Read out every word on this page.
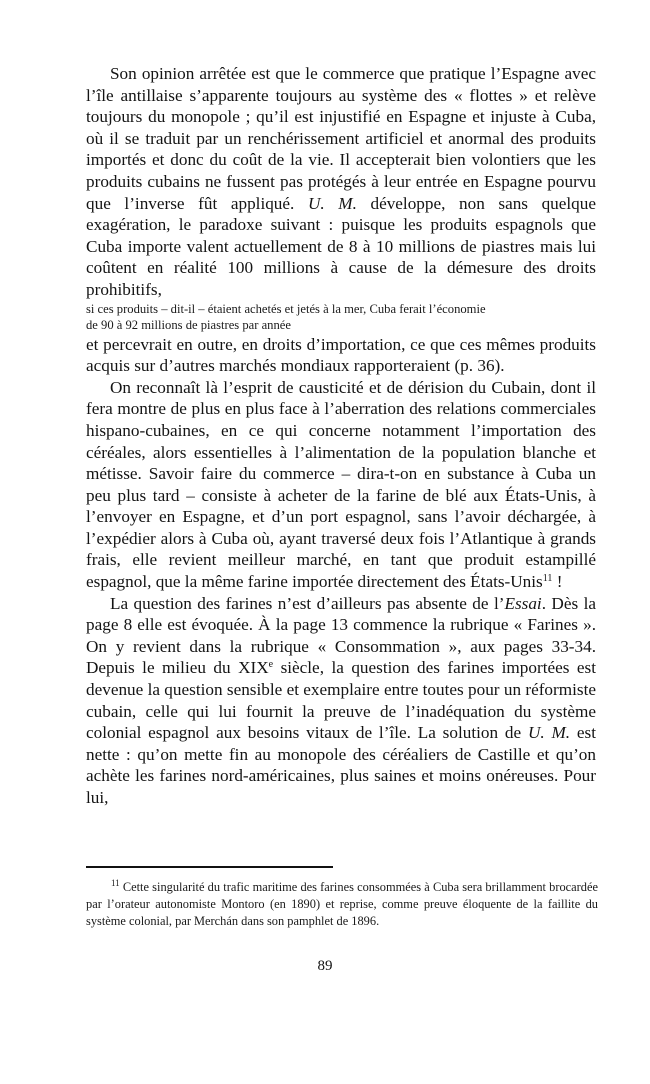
Son opinion arrêtée est que le commerce que pratique l’Espagne avec l’île antillaise s’apparente toujours au système des « flottes » et relève toujours du monopole ; qu’il est injustifié en Espagne et injuste à Cuba, où il se traduit par un renchérissement artificiel et anormal des produits importés et donc du coût de la vie. Il accepterait bien volontiers que les produits cubains ne fussent pas protégés à leur entrée en Espagne pourvu que l’inverse fût appliqué. U. M. développe, non sans quelque exagération, le paradoxe suivant : puisque les produits espagnols que Cuba importe valent actuellement de 8 à 10 millions de piastres mais lui coûtent en réalité 100 millions à cause de la démesure des droits prohibitifs,

si ces produits – dit-il – étaient achetés et jetés à la mer, Cuba ferait l’économie de 90 à 92 millions de piastres par année

et percevrait en outre, en droits d’importation, ce que ces mêmes produits acquis sur d’autres marchés mondiaux rapporteraient (p. 36).

On reconnaît là l’esprit de causticité et de dérision du Cubain, dont il fera montre de plus en plus face à l’aberration des relations commerciales hispano-cubaines, en ce qui concerne notamment l’importation des céréales, alors essentielles à l’alimentation de la population blanche et métisse. Savoir faire du commerce – dira-t-on en substance à Cuba un peu plus tard – consiste à acheter de la farine de blé aux États-Unis, à l’envoyer en Espagne, et d’un port espagnol, sans l’avoir déchargée, à l’expédier alors à Cuba où, ayant traversé deux fois l’Atlantique à grands frais, elle revient meilleur marché, en tant que produit estampillé espagnol, que la même farine importée directement des États-Unis$^{11}$ !

La question des farines n’est d’ailleurs pas absente de l’Essai. Dès la page 8 elle est évoquée. À la page 13 commence la rubrique « Farines ». On y revient dans la rubrique « Consommation », aux pages 33-34. Depuis le milieu du XIXe siècle, la question des farines importées est devenue la question sensible et exemplaire entre toutes pour un réformiste cubain, celle qui lui fournit la preuve de l’inadéquation du système colonial espagnol aux besoins vitaux de l’île. La solution de U. M. est nette : qu’on mette fin au monopole des céréaliers de Castille et qu’on achète les farines nord-américaines, plus saines et moins onéreuses. Pour lui,

$^{11}$ Cette singularité du trafic maritime des farines consommées à Cuba sera brillamment brocardée par l’orateur autonomiste Montoro (en 1890) et reprise, comme preuve éloquente de la faillite du système colonial, par Merchán dans son pamphlet de 1896.

89
